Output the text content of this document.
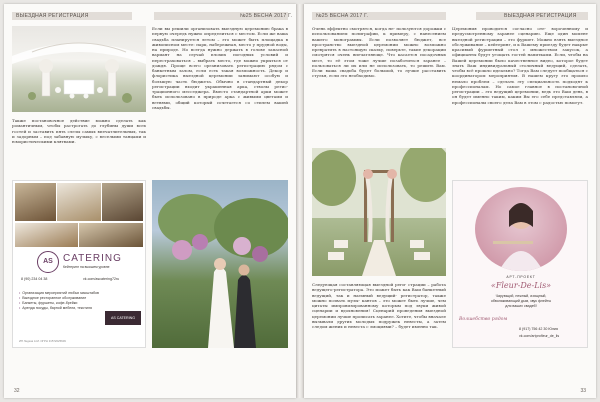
ВЫЕЗДНАЯ РЕГИСТРАЦИЯ	№25 ВЕСНА 2017 Г.

Также постановочное действие можно сделать как романтичным, чтобы растрогать до глубины души всех гостей и заставить пять слезы самых впечатлительных, так и задорным – под забавную музыку, с веселыми танцами и юмористическими клятвами.

Если вы решили организовать выездную церемонию брака в первую очередь нужно определиться с местом. Если же ваша свадьба планируется летом – это может быть площадка в живописном месте: парк, набережная, место у прудной воды, на природе. Но всегда нужно держать в голове запасной вариант на случай плохих погодных условий и перестраховаться – выбрать место, где можно укрыться от дождя. Проще всего организовать регистрацию рядом с банкетным залом, если есть такая возможность. Декор и флористика выездной церемонии занимают особую и большую часть бюджета. Обычно в стандартный декор регистрации входит украшенная арка, стволы регис- трационного месседжера. Вместо стандартной арки может быть использовано в природе арка с живыми цветами и ветвями, общий который сочетается со стилем вашей свадьбы.

AS	CATERING
Кейтеринг на высшем уровне
8 (90) 234 04 38	vk.com/ascatering72ru
• Организация мероприятий любых масштабов
• Выездное ресторанное обслуживание
• Банкеты, фуршеты, кофе-брейки
• Аренда посуды, барной мебели, текстиля
AS CATERING
ИП Ледков А.М. ОГРН 31572025609
32
№25 ВЕСНА 2017 Г.	ВЫЕЗДНАЯ РЕГИСТРАЦИЯ

Очень эффектно смотрятся, когда не- пользуются дорожки с использованием полиграфии, к примеру, с нанесением вашего монограммы. Если позволяет бюджет, все пространство выездной церемонии можно возможно превратить в настоящую сказку, поверьте, такие декорации смотрятся очень впечатляюще. Что касается посадочных мест, то её этом тоже лучше позаботиться заранее – пользоваться ли их или не использовать, то решить Вам. Если ваша свадьба будет большой, то лучше расставить стулья, если это необходимо.

Церемония проводится согласно оте- вороченному и предусмотренному заранее сценарию. Еще один момент выездной регистрации – это фуршет. Можно взять выездное обслуживание – кейтеринг, и к Вашему приезду будет накрыт красивый фуршетный стол с множеством закусок, а официанты будут угощать гостей напитками. Если, чтобы на Вашей церемонии было качественное видео, которое будет знать Ваш индивидуальный столичный ведущий, сделать, чтобы всё прошло идеально? Тогда Вам следует пообщаться с координатором мероприятия. В нашем кругу это прошло немало проблем – сделать эту специальность подходят к профессионалам. Но самое главное в постановочной регистрации – это ведущий церемонии, ведь это Ваш день, в он будет именно таким, каким Вы его себе представляли, а профессионалы своего дела Вам в этом с радостью помогут.

АРТ-ПРОЕКТ
«Fleur-De-Lis»
Чарующий, нежный, изящный,
обволакивающий дым, звук флейты
для ваших свадеб!
Волшебство рядом
8 (917) 756 42 30 Юлия
vk.com/artprofleur_de_lis

Следующая составляющая выездной реги- страции – работа ведущего-регистратора. Это может быть как Ваш банкетный ведущий, так и наемный ведущий- регистратор, также можно позвать музы- кантов – это может быть лучше, чем цитаты импровизированному которым под звуки живой сценарии и вдохновения! Сценарий проведения выездной церемонии лучше прописать заранее. Хотите, чтобы вначале вызывали других молодых подружек невесты, а затем следом жених и невеста с эмоциями? – будет именно так.

33
